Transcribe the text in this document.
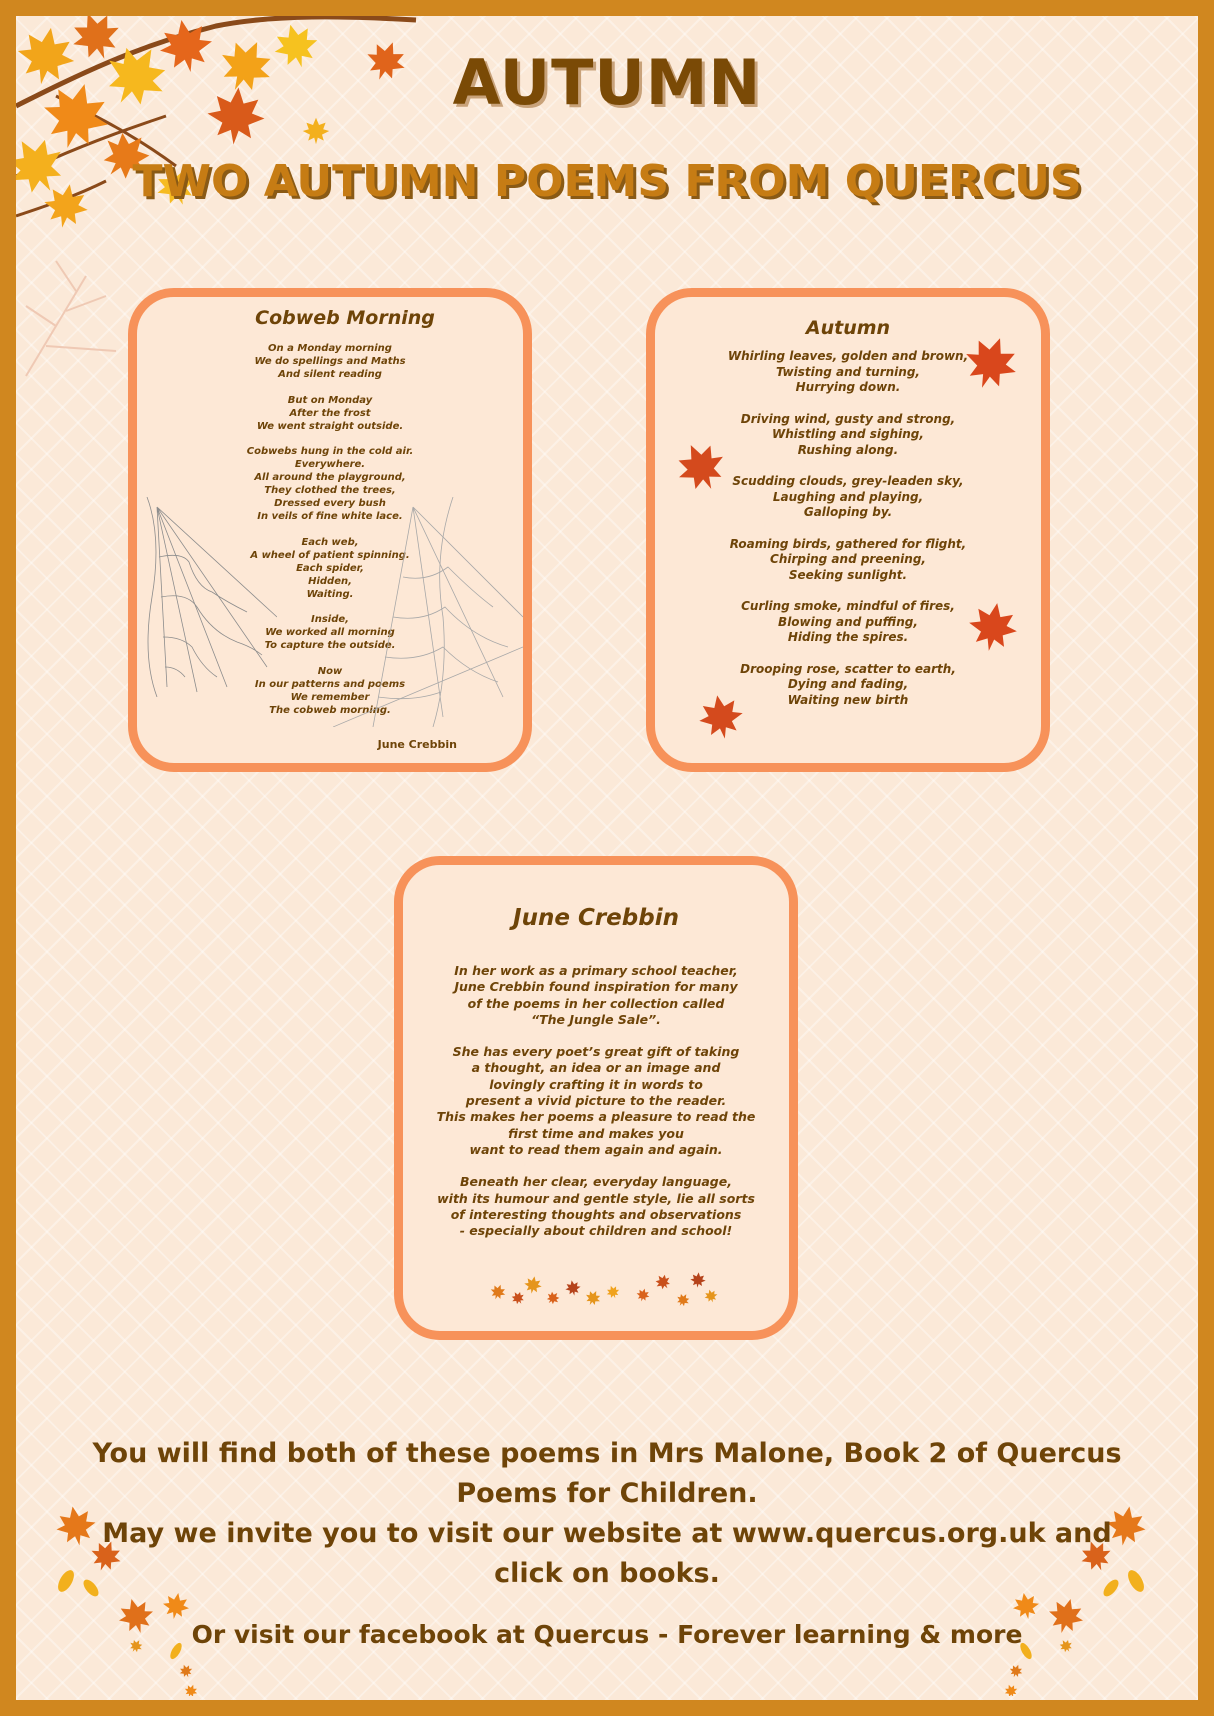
AUTUMN
TWO AUTUMN POEMS FROM QUERCUS

Cobweb Morning

On a Monday morning
We do spellings and Maths
And silent reading
But on Monday
After the frost
We went straight outside.
Cobwebs hung in the cold air.
Everywhere.
All around the playground,
They clothed the trees,
Dressed every bush
In veils of fine white lace.
Each web,
A wheel of patient spinning.
Each spider,
Hidden,
Waiting.
Inside,
We worked all morning
To capture the outside.
Now
In our patterns and poems
We remember
The cobweb morning.
June Crebbin

Autumn

Whirling leaves, golden and brown,
Twisting and turning,
Hurrying down.
Driving wind, gusty and strong,
Whistling and sighing,
Rushing along.
Scudding clouds, grey-leaden sky,
Laughing and playing,
Galloping by.
Roaming birds, gathered for flight,
Chirping and preening,
Seeking sunlight.
Curling smoke, mindful of fires,
Blowing and puffing,
Hiding the spires.
Drooping rose, scatter to earth,
Dying and fading,
Waiting new birth

June Crebbin

In her work as a primary school teacher,
June Crebbin found inspiration for many
of the poems in her collection called
“The Jungle Sale”.
She has every poet’s great gift of taking
a thought, an idea or an image and
lovingly crafting it in words to
present a vivid picture to the reader.
This makes her poems a pleasure to read the
first time and makes you
want to read them again and again.
Beneath her clear, everyday language,
with its humour and gentle style, lie all sorts
of interesting thoughts and observations
- especially about children and school!

You will find both of these poems in Mrs Malone, Book 2 of Quercus Poems for Children.
May we invite you to visit our website at www.quercus.org.uk and click on books.

Or visit our facebook at Quercus - Forever learning & more
